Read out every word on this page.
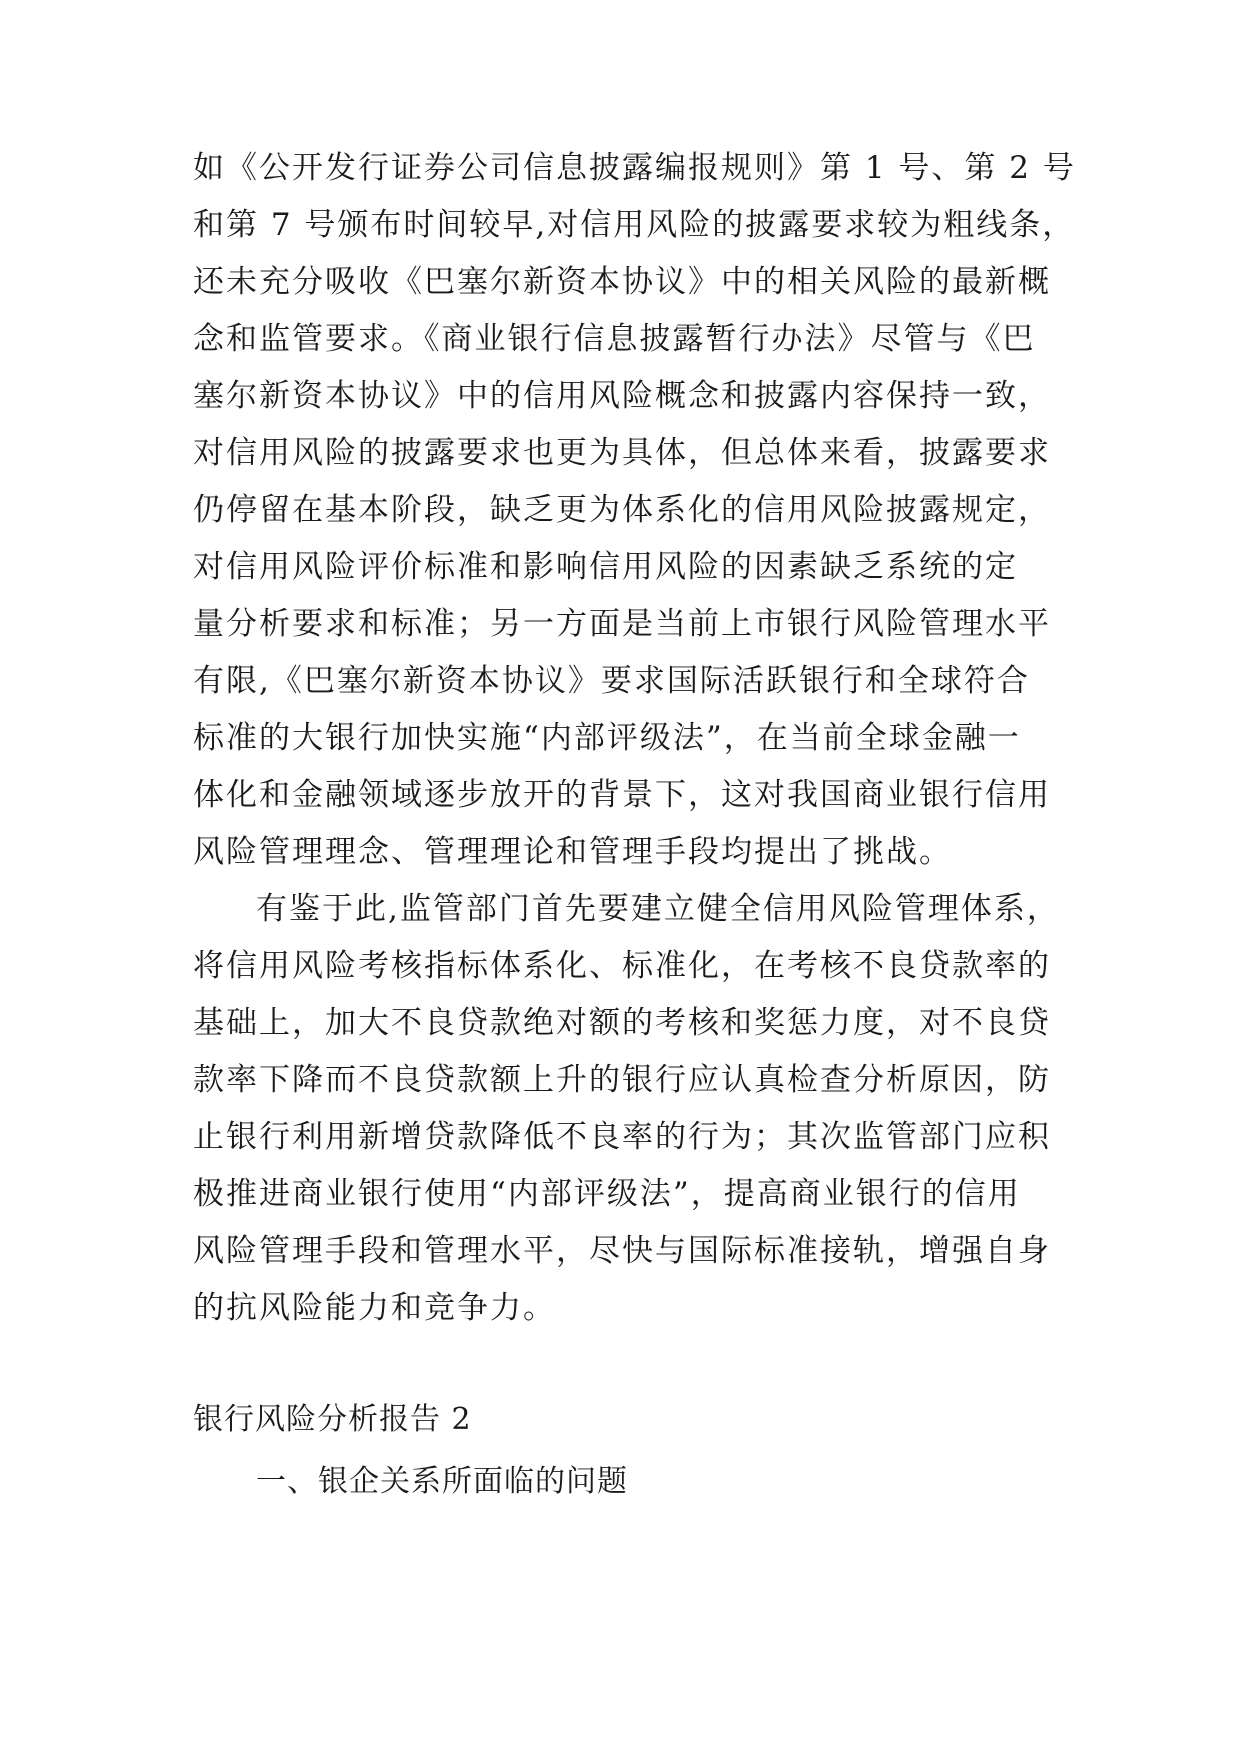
如《公开发行证券公司信息披露编报规则》第 1 号、第 2 号
和第 7 号颁布时间较早,对信用风险的披露要求较为粗线条，
还未充分吸收《巴塞尔新资本协议》中的相关风险的最新概
念和监管要求。《商业银行信息披露暂行办法》尽管与《巴
塞尔新资本协议》中的信用风险概念和披露内容保持一致，
对信用风险的披露要求也更为具体，但总体来看，披露要求
仍停留在基本阶段，缺乏更为体系化的信用风险披露规定，
对信用风险评价标准和影响信用风险的因素缺乏系统的定
量分析要求和标准；另一方面是当前上市银行风险管理水平
有限,《巴塞尔新资本协议》要求国际活跃银行和全球符合
标准的大银行加快实施“内部评级法”，在当前全球金融一
体化和金融领域逐步放开的背景下，这对我国商业银行信用
风险管理理念、管理理论和管理手段均提出了挑战。
有鉴于此,监管部门首先要建立健全信用风险管理体系，
将信用风险考核指标体系化、标准化，在考核不良贷款率的
基础上，加大不良贷款绝对额的考核和奖惩力度，对不良贷
款率下降而不良贷款额上升的银行应认真检查分析原因，防
止银行利用新增贷款降低不良率的行为；其次监管部门应积
极推进商业银行使用“内部评级法”，提高商业银行的信用
风险管理手段和管理水平，尽快与国际标准接轨，增强自身
的抗风险能力和竞争力。
银行风险分析报告 2
一、银企关系所面临的问题
